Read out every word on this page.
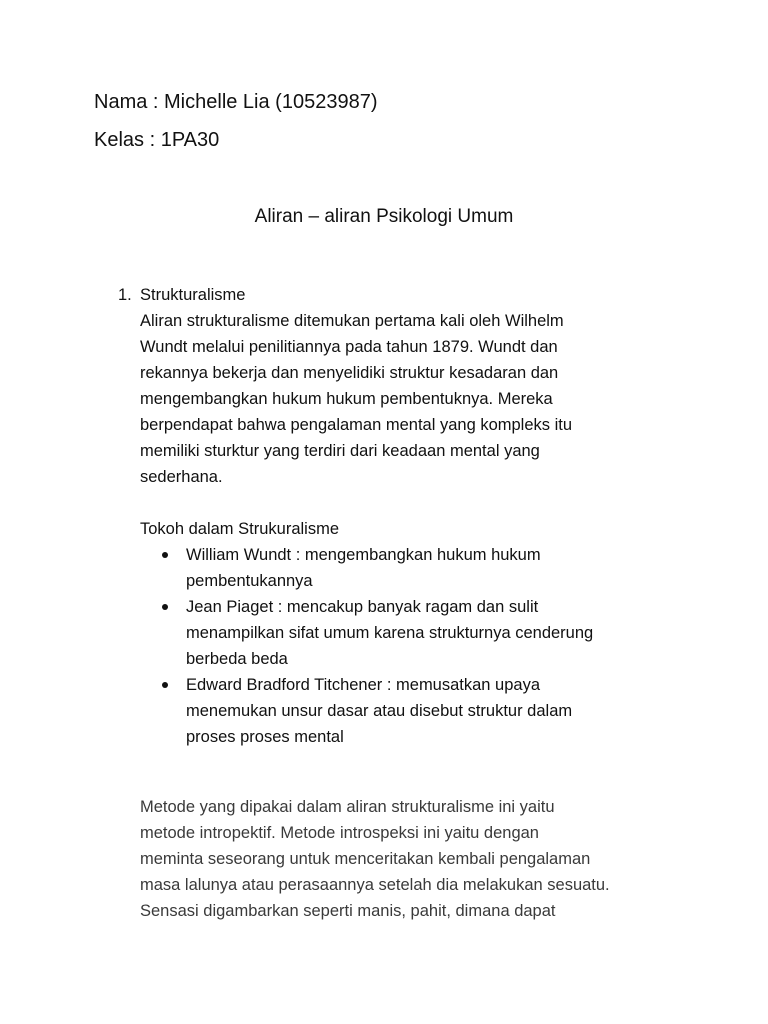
Nama : Michelle Lia (10523987)
Kelas : 1PA30
Aliran – aliran Psikologi Umum
1. Strukturalisme
Aliran strukturalisme ditemukan pertama kali oleh Wilhelm
Wundt melalui penilitiannya pada tahun 1879. Wundt dan
rekannya bekerja dan menyelidiki struktur kesadaran dan
mengembangkan hukum hukum pembentuknya. Mereka
berpendapat bahwa pengalaman mental yang kompleks itu
memiliki sturktur yang terdiri dari keadaan mental yang
sederhana.
Tokoh dalam Strukuralisme
William Wundt : mengembangkan hukum hukum
pembentukannya
Jean Piaget : mencakup banyak ragam dan sulit
menampilkan sifat umum karena strukturnya cenderung
berbeda beda
Edward Bradford Titchener : memusatkan upaya
menemukan unsur dasar atau disebut struktur dalam
proses proses mental
Metode yang dipakai dalam aliran strukturalisme ini yaitu
metode intropektif. Metode introspeksi ini yaitu dengan
meminta seseorang untuk menceritakan kembali pengalaman
masa lalunya atau perasaannya setelah dia melakukan sesuatu.
Sensasi digambarkan seperti manis, pahit, dimana dapat
